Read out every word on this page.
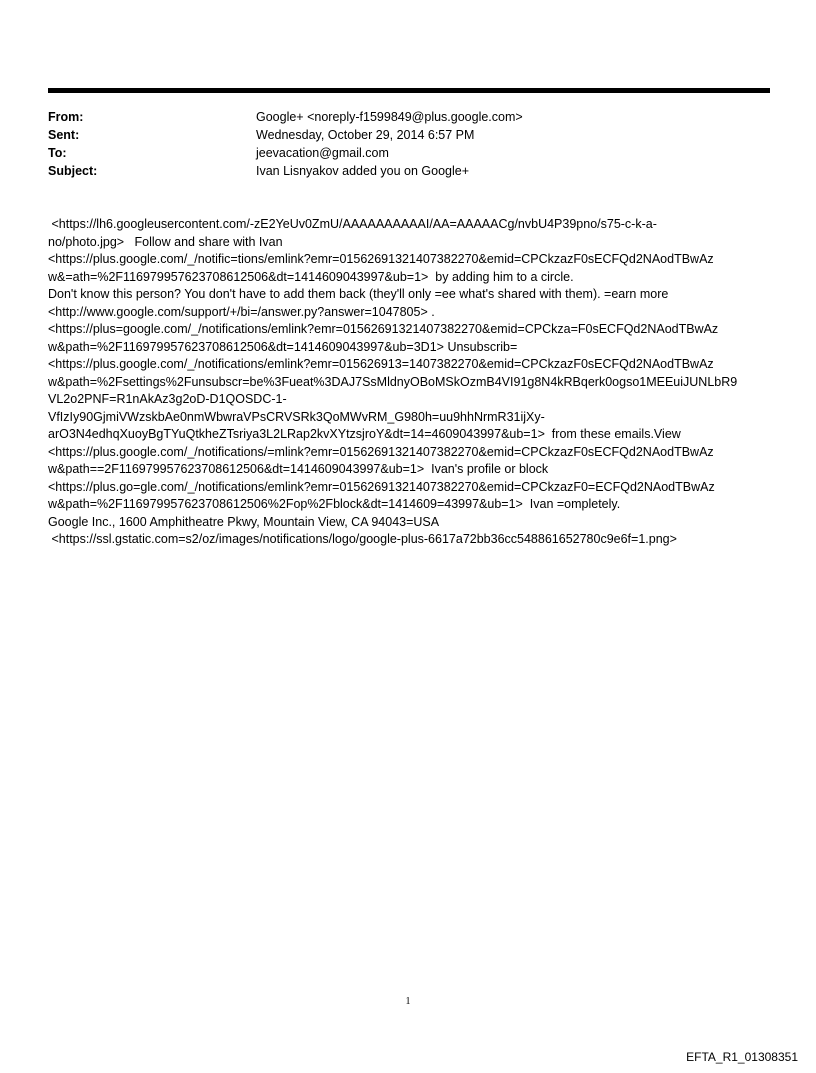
From:	Google+ <noreply-f1599849@plus.google.com>
Sent:	Wednesday, October 29, 2014 6:57 PM
To:	jeevacation@gmail.com
Subject:	Ivan Lisnyakov added you on Google+
<https://lh6.googleusercontent.com/-zE2YeUv0ZmU/AAAAAAAAAAI/AA=AAAAACg/nvbU4P39pno/s75-c-k-a-
no/photo.jpg>   Follow and share with Ivan
<https://plus.google.com/_/notific=tions/emlink?emr=01562691321407382270&emid=CPCkzazF0sECFQd2NAodTBwAz
w&=ath=%2F116979957623708612506&dt=1414609043997&ub=1>  by adding him to a circle.
Don't know this person? You don't have to add them back (they'll only =ee what's shared with them). =earn more
<http://www.google.com/support/+/bi=/answer.py?answer=1047805> .
<https://plus=google.com/_/notifications/emlink?emr=01562691321407382270&emid=CPCkza=F0sECFQd2NAodTBwAz
w&path=%2F116979957623708612506&dt=1414609043997&ub=3D1> Unsubscrib=
<https://plus.google.com/_/notifications/emlink?emr=015626913=1407382270&emid=CPCkzazF0sECFQd2NAodTBwAz
w&path=%2Fsettings%2Funsubscr=be%3Fueat%3DAJ7SsMldnyOBoMSkOzmB4VI91g8N4kRBqerk0ogso1MEEuiJUNLbR9
VL2o2PNF=R1nAkAz3g2oD-D1QOSDC-1-
VfIzIy90GjmiVWzskbAe0nmWbwraVPsCRVSRk3QoMWvRM_G980h=uu9hhNrmR31ijXy-
arO3N4edhqXuoyBgTYuQtkheZTsriya3L2LRap2kvXYtzsjroY&dt=14=4609043997&ub=1>  from these emails.View
<https://plus.google.com/_/notifications/=mlink?emr=01562691321407382270&emid=CPCkzazF0sECFQd2NAodTBwAz
w&path==2F116979957623708612506&dt=1414609043997&ub=1>  Ivan's profile or block
<https://plus.go=gle.com/_/notifications/emlink?emr=01562691321407382270&emid=CPCkzazF0=ECFQd2NAodTBwAz
w&path=%2F116979957623708612506%2Fop%2Fblock&dt=1414609=43997&ub=1>  Ivan =ompletely.
Google Inc., 1600 Amphitheatre Pkwy, Mountain View, CA 94043=USA
<https://ssl.gstatic.com=s2/oz/images/notifications/logo/google-plus-6617a72bb36cc548861652780c9e6f=1.png>
1
EFTA_R1_01308351
